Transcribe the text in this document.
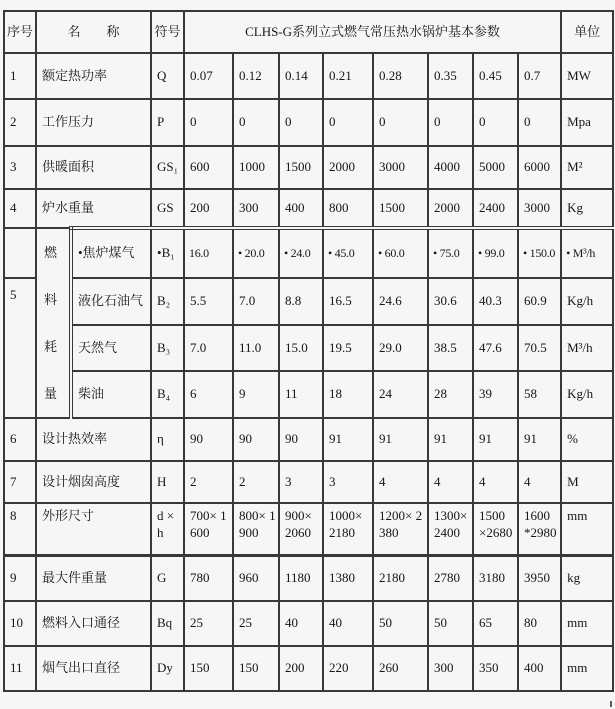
序号	名　　称		符号	CLHS-G系列立式燃气常压热水锅炉基本参数								单位
1	额定热功率		Q	0.07	0.12	0.14	0.21	0.28	0.35	0.45	0.7	MW
2	工作压力		P	0	0	0	0	0	0	0	0	Mpa
3	供暖面积		GS₁	600	1000	1500	2000	3000	4000	5000	6000	M²
4	炉水重量		GS	200	300	400	800	1500	2000	2400	3000	Kg
	燃料耗量	•焦炉煤气	•B₁	16.0	• 20.0	• 24.0	• 45.0	• 60.0	• 75.0	• 99.0	• 150.0	• M³/h
5		液化石油气	B₂	5.5	7.0	8.8	16.5	24.6	30.6	40.3	60.9	Kg/h
		天然气	B₃	7.0	11.0	15.0	19.5	29.0	38.5	47.6	70.5	M³/h
		柴油	B₄	6	9	11	18	24	28	39	58	Kg/h
6	设计热效率		η	90	90	90	91	91	91	91	91	%
7	设计烟囱高度		H	2	2	3	3	4	4	4	4	M
8	外形尺寸		d × h	700× 1600	800× 1900	900× 2060	1000× 2180	1200× 2380	1300× 2400	1500 ×2680	1600 *2980	mm
9	最大件重量		G	780	960	1180	1380	2180	2780	3180	3950	kg
10	燃料入口通径		Bq	25	25	40	40	50	50	65	80	mm
11	烟气出口直径		Dy	150	150	200	220	260	300	350	400	mm
